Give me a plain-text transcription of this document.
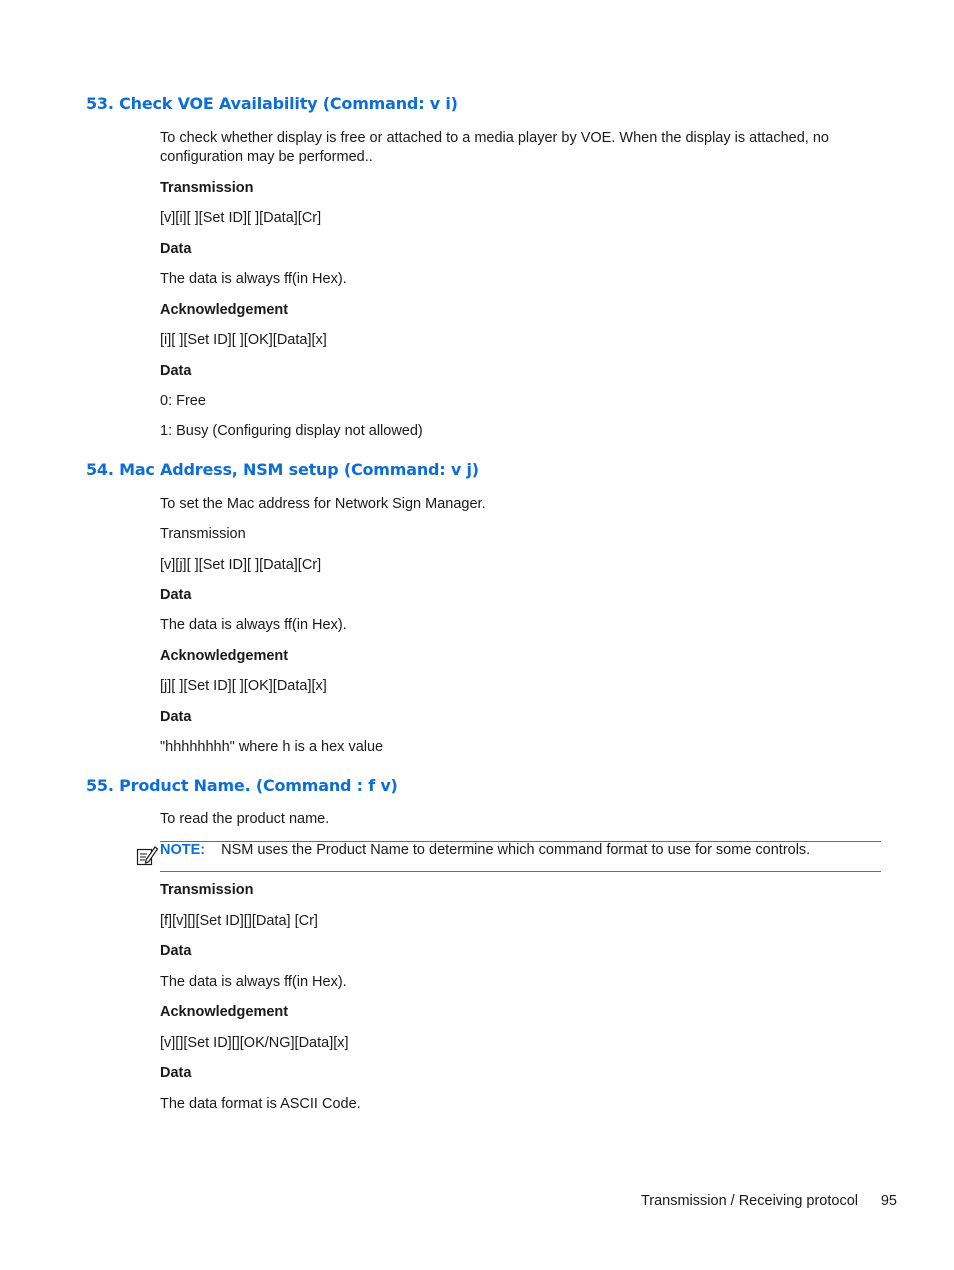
53. Check VOE Availability (Command: v i)
To check whether display is free or attached to a media player by VOE. When the display is attached, no
configuration may be performed..
Transmission
[v][i][ ][Set ID][ ][Data][Cr]
Data
The data is always ff(in Hex).
Acknowledgement
[i][ ][Set ID][ ][OK][Data][x]
Data
0: Free
1: Busy (Configuring display not allowed)
54. Mac Address, NSM setup (Command: v j)
To set the Mac address for Network Sign Manager.
Transmission
[v][j][ ][Set ID][ ][Data][Cr]
Data
The data is always ff(in Hex).
Acknowledgement
[j][ ][Set ID][ ][OK][Data][x]
Data
"hhhhhhhh" where h is a hex value
55. Product Name. (Command : f v)
To read the product name.
NOTE: NSM uses the Product Name to determine which command format to use for some controls.
Transmission
[f][v][][Set ID][][Data] [Cr]
Data
The data is always ff(in Hex).
Acknowledgement
[v][][Set ID][][OK/NG][Data][x]
Data
The data format is ASCII Code.
Transmission / Receiving protocol 95
